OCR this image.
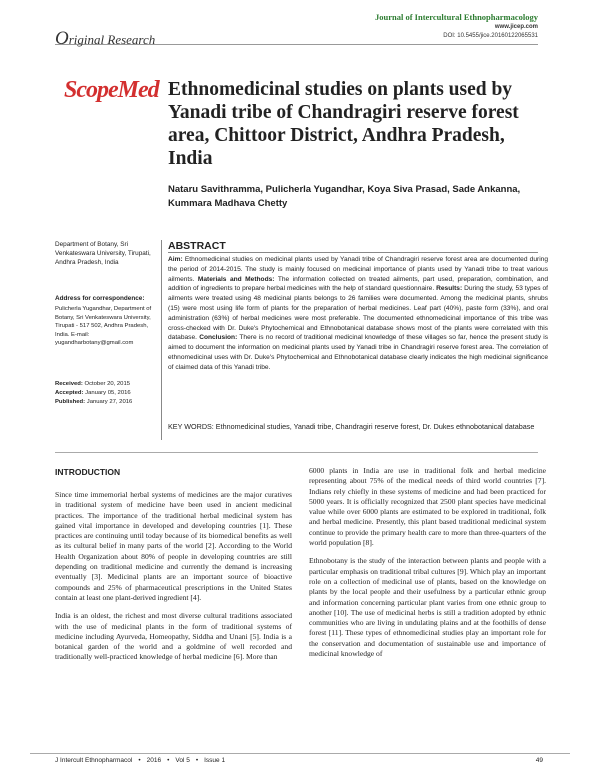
Journal of Intercultural Ethnopharmacology
www.jicep.com
DOI: 10.5455/jice.20160122065531
Original Research
ScopeMed Ethnomedicinal studies on plants used by Yanadi tribe of Chandragiri reserve forest area, Chittoor District, Andhra Pradesh, India
Nataru Savithramma, Pulicherla Yugandhar, Koya Siva Prasad, Sade Ankanna, Kummara Madhava Chetty
Department of Botany, Sri Venkateswara University, Tirupati, Andhra Pradesh, India
Address for correspondence:
Pulicherla Yugandhar, Department of Botany, Sri Venkateswara University, Tirupati - 517 502, Andhra Pradesh, India. E-mail: yugandharbotany@gmail.com
Received: October 20, 2015
Accepted: January 05, 2016
Published: January 27, 2016
ABSTRACT
Aim: Ethnomedicinal studies on medicinal plants used by Yanadi tribe of Chandragiri reserve forest area are documented during the period of 2014-2015. The study is mainly focused on medicinal importance of plants used by Yanadi tribe to treat various ailments. Materials and Methods: The information collected on treated ailments, part used, preparation, combination, and addition of ingredients to prepare herbal medicines with the help of standard questionnaire. Results: During the study, 53 types of ailments were treated using 48 medicinal plants belongs to 26 families were documented. Among the medicinal plants, shrubs (15) were most using life form of plants for the preparation of herbal medicines. Leaf part (40%), paste form (33%), and oral administration (63%) of herbal medicines were most preferable. The documented ethnomedicinal importance of this tribe was cross-checked with Dr. Duke's Phytochemical and Ethnobotanical database shows most of the plants were correlated with this database. Conclusion: There is no record of traditional medicinal knowledge of these villages so far, hence the present study is aimed to document the information on medicinal plants used by Yanadi tribe in Chandragiri reserve forest area. The correlation of ethnomedicinal uses with Dr. Duke's Phytochemical and Ethnobotanical database clearly indicates the high medicinal significance of claimed data of this Yanadi tribe.
KEY WORDS: Ethnomedicinal studies, Yanadi tribe, Chandragiri reserve forest, Dr. Dukes ethnobotanical database
INTRODUCTION

Since time immemorial herbal systems of medicines are the major curatives in traditional system of medicine have been used in ancient medicinal practices. The importance of the traditional herbal medicinal system has gained vital importance in developed and developing countries [1]. These practices are continuing until today because of its biomedical benefits as well as its cultural belief in many parts of the world [2]. According to the World Health Organization about 80% of people in developing countries are still depending on traditional medicine and currently the demand is increasing eventually [3]. Medicinal plants are an important source of bioactive compounds and 25% of pharmaceutical prescriptions in the United States contain at least one plant-derived ingredient [4].

India is an oldest, the richest and most diverse cultural traditions associated with the use of medicinal plants in the form of traditional systems of medicine including Ayurveda, Homeopathy, Siddha and Unani [5]. India is a botanical garden of the world and a goldmine of well recorded and traditionally well-practiced knowledge of herbal medicine [6]. More than

6000 plants in India are use in traditional folk and herbal medicine representing about 75% of the medical needs of third world countries [7]. Indians rely chiefly in these systems of medicine and had been practiced for 5000 years. It is officially recognized that 2500 plant species have medicinal value while over 6000 plants are estimated to be explored in traditional, folk and herbal medicine. Presently, this plant based traditional medicinal system continue to provide the primary health care to more than three-quarters of the world population [8].

Ethnobotany is the study of the interaction between plants and people with a particular emphasis on traditional tribal cultures [9]. Which play an important role on a collection of medicinal use of plants, based on the knowledge on plants by the local people and their usefulness by a particular ethnic group and information concerning particular plant varies from one ethnic group to another [10]. The use of medicinal herbs is still a tradition adopted by ethnic communities who are living in undulating plains and at the foothills of dense forest [11]. These types of ethnomedicinal studies play an important role for the conservation and documentation of sustainable use and importance of medicinal knowledge of

J Intercult Ethnopharmacol • 2016 • Vol 5 • Issue 1	49
